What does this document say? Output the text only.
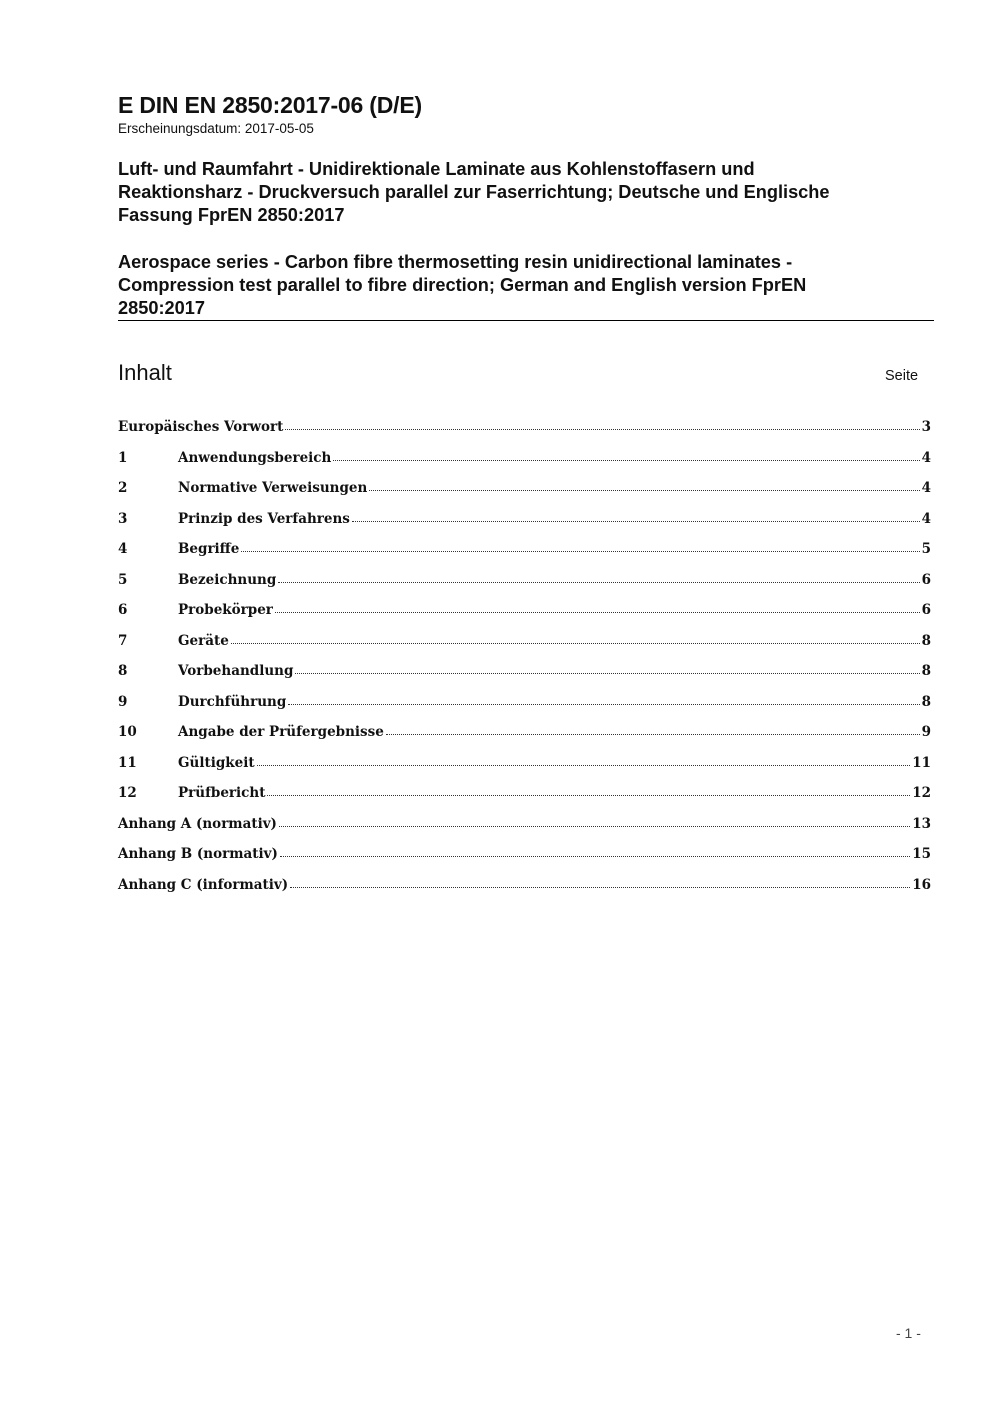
E DIN EN 2850:2017-06 (D/E)
Erscheinungsdatum: 2017-05-05
Luft- und Raumfahrt - Unidirektionale Laminate aus Kohlenstoffasern und
Reaktionsharz - Druckversuch parallel zur Faserrichtung; Deutsche und Englische
Fassung FprEN 2850:2017
Aerospace series - Carbon fibre thermosetting resin unidirectional laminates -
Compression test parallel to fibre direction; German and English version FprEN
2850:2017
Inhalt	Seite
Europäisches Vorwort	3
1	Anwendungsbereich	4
2	Normative Verweisungen	4
3	Prinzip des Verfahrens	4
4	Begriffe	5
5	Bezeichnung	6
6	Probekörper	6
7	Geräte	8
8	Vorbehandlung	8
9	Durchführung	8
10	Angabe der Prüfergebnisse	9
11	Gültigkeit	11
12	Prüfbericht	12
Anhang A (normativ)	13
Anhang B (normativ)	15
Anhang C (informativ)	16
- 1 -
